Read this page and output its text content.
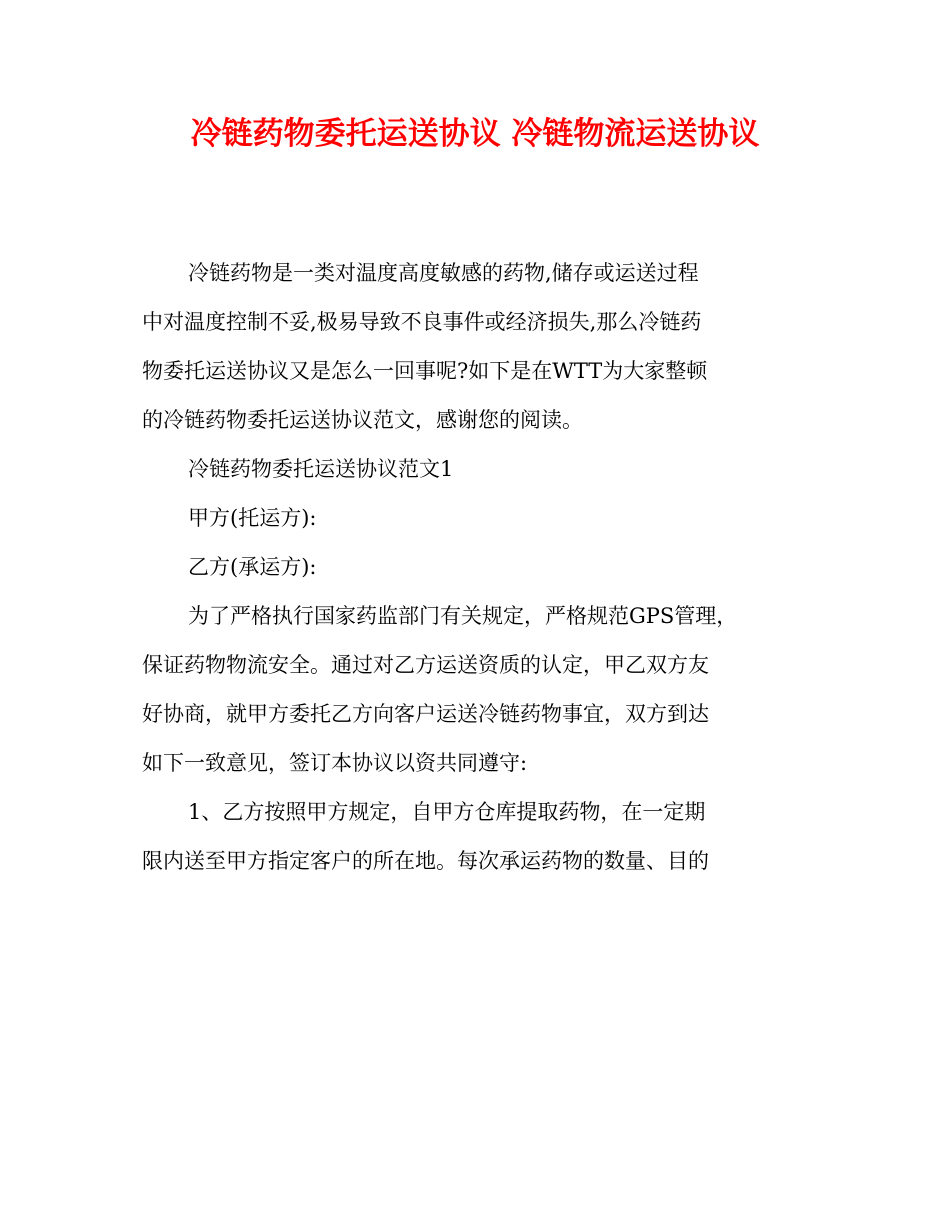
冷链药物委托运送协议 冷链物流运送协议
冷链药物是一类对温度高度敏感的药物,储存或运送过程
中对温度控制不妥,极易导致不良事件或经济损失,那么冷链药
物委托运送协议又是怎么一回事呢?如下是在WTT为大家整顿
的冷链药物委托运送协议范文，感谢您的阅读。
冷链药物委托运送协议范文1
甲方(托运方):
乙方(承运方):
为了严格执行国家药监部门有关规定，严格规范GPS管理，
保证药物物流安全。通过对乙方运送资质的认定，甲乙双方友
好协商，就甲方委托乙方向客户运送冷链药物事宜，双方到达
如下一致意见，签订本协议以资共同遵守:
1、乙方按照甲方规定，自甲方仓库提取药物，在一定期
限内送至甲方指定客户的所在地。每次承运药物的数量、目的
